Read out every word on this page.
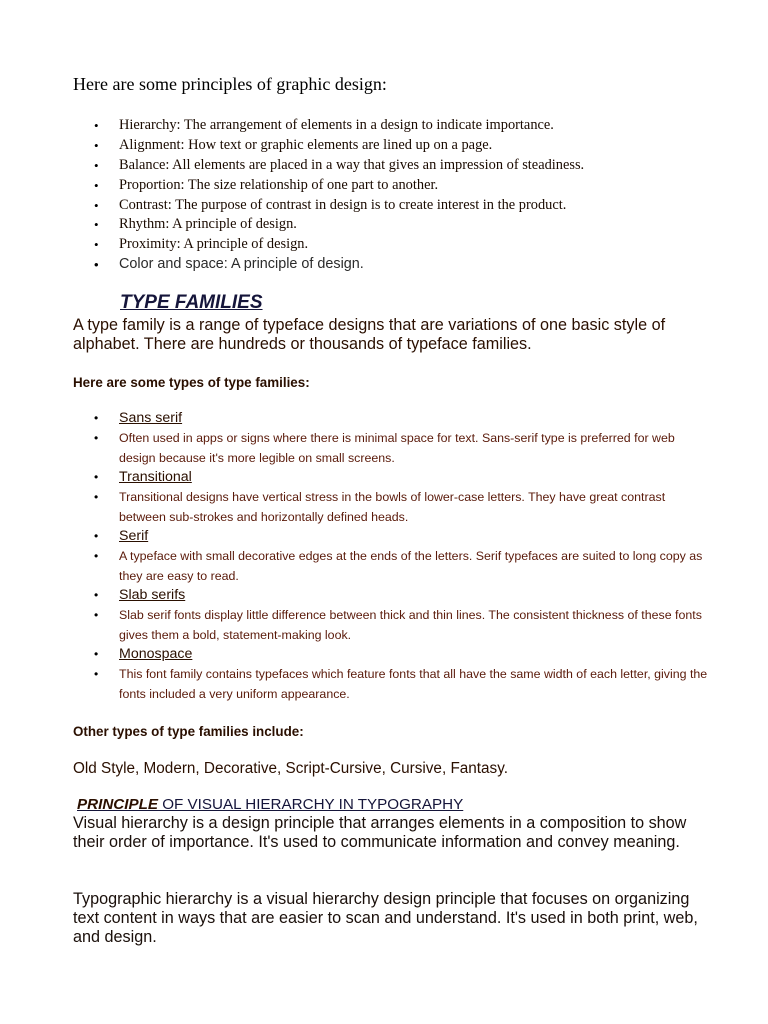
Here are some principles of graphic design:

•	Hierarchy: The arrangement of elements in a design to indicate importance.
•	Alignment: How text or graphic elements are lined up on a page.
•	Balance: All elements are placed in a way that gives an impression of steadiness.
•	Proportion: The size relationship of one part to another.
•	Contrast: The purpose of contrast in design is to create interest in the product.
•	Rhythm: A principle of design.
•	Proximity: A principle of design.
•	Color and space: A principle of design.
TYPE FAMILIES

A type family is a range of typeface designs that are variations of one basic style of alphabet. There are hundreds or thousands of typeface families.

Here are some types of type families:

•	Sans serif
•	Often used in apps or signs where there is minimal space for text. Sans-serif type is preferred for web design because it's more legible on small screens.
•	Transitional
•	Transitional designs have vertical stress in the bowls of lower-case letters. They have great contrast between sub-strokes and horizontally defined heads.
•	Serif
•	A typeface with small decorative edges at the ends of the letters. Serif typefaces are suited to long copy as they are easy to read.
•	Slab serifs
•	Slab serif fonts display little difference between thick and thin lines. The consistent thickness of these fonts gives them a bold, statement-making look.
•	Monospace
•	This font family contains typefaces which feature fonts that all have the same width of each letter, giving the fonts included a very uniform appearance.

Other types of type families include:

Old Style, Modern, Decorative, Script-Cursive, Cursive, Fantasy.

PRINCIPLE OF VISUAL HIERARCHY IN TYPOGRAPHY

Visual hierarchy is a design principle that arranges elements in a composition to show their order of importance. It's used to communicate information and convey meaning.

Typographic hierarchy is a visual hierarchy design principle that focuses on organizing text content in ways that are easier to scan and understand. It's used in both print, web, and design.
